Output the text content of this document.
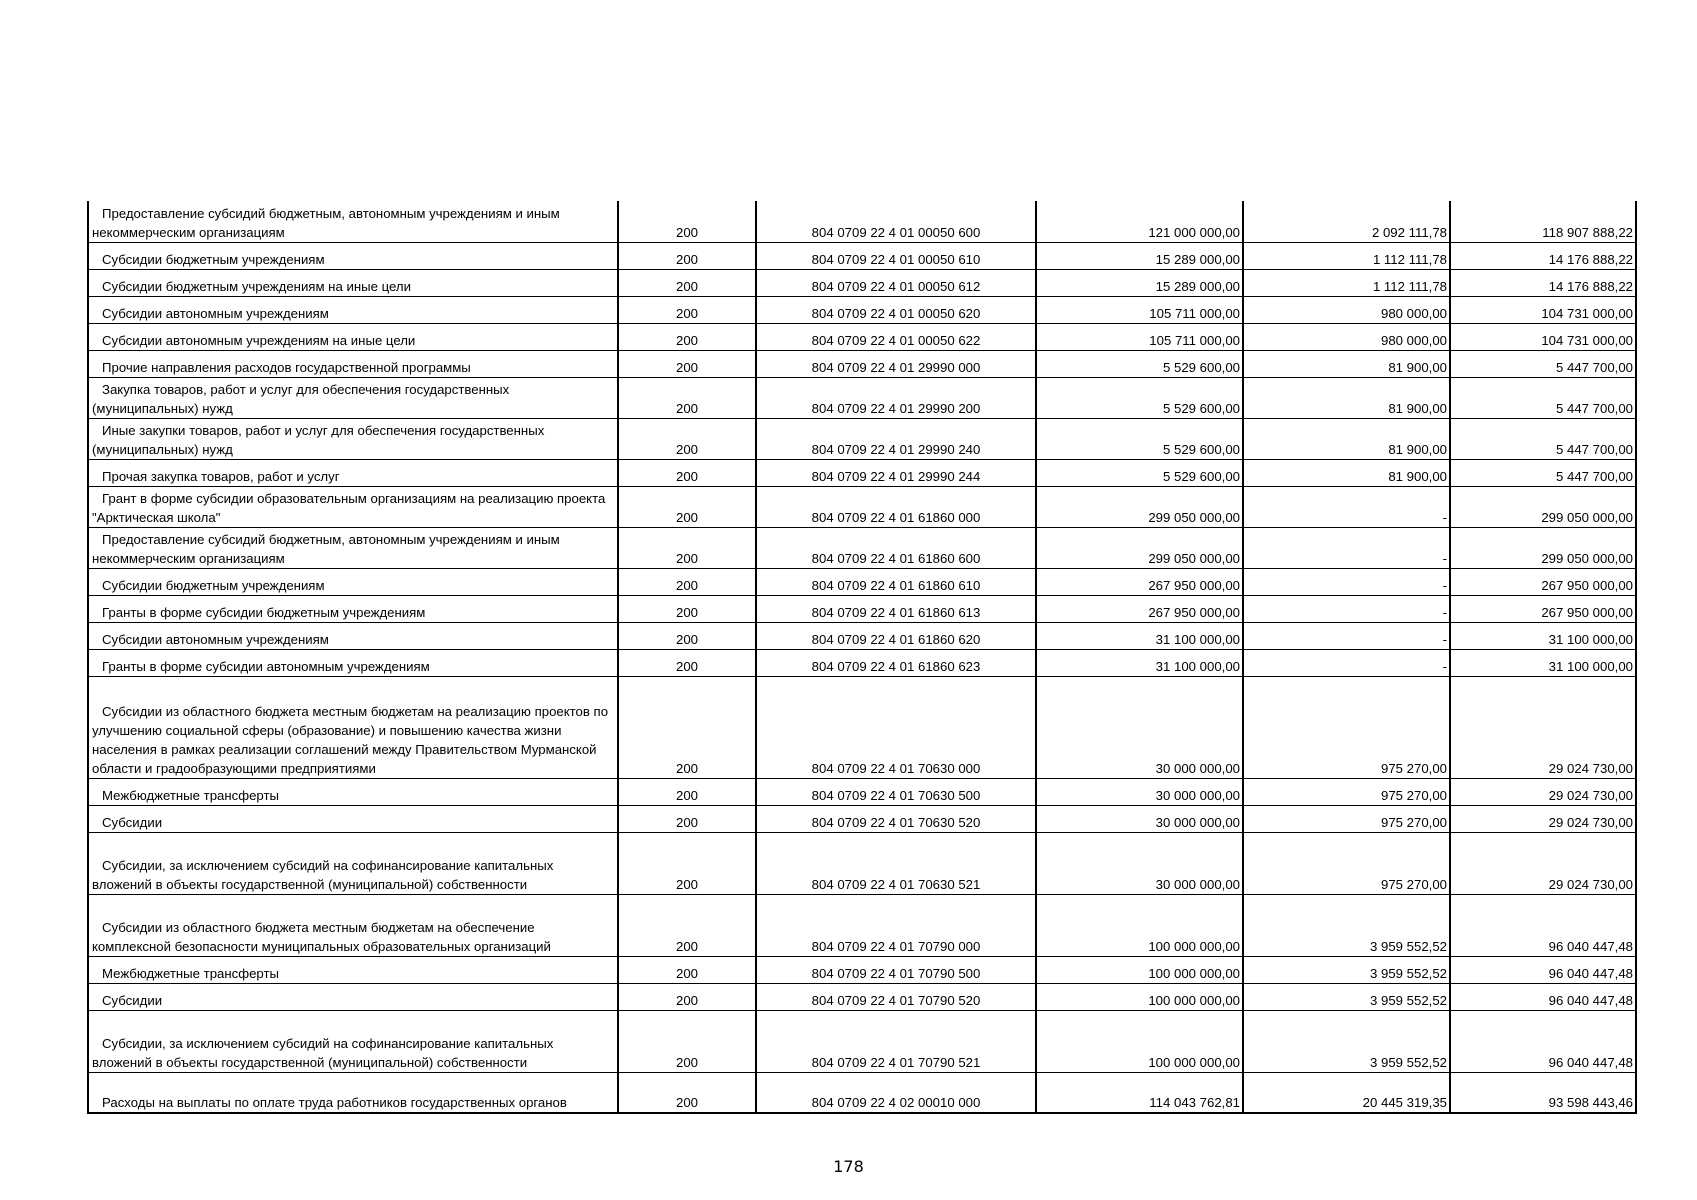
Предоставление субсидий бюджетным, автономным учреждениям и иным некоммерческим организациям	200	804 0709 22 4 01 00050 600	121 000 000,00	2 092 111,78	118 907 888,22

Субсидии бюджетным учреждениям	200	804 0709 22 4 01 00050 610	15 289 000,00	1 112 111,78	14 176 888,22

Субсидии бюджетным учреждениям на иные цели	200	804 0709 22 4 01 00050 612	15 289 000,00	1 112 111,78	14 176 888,22

Субсидии автономным учреждениям	200	804 0709 22 4 01 00050 620	105 711 000,00	980 000,00	104 731 000,00

Субсидии автономным учреждениям на иные цели	200	804 0709 22 4 01 00050 622	105 711 000,00	980 000,00	104 731 000,00

Прочие направления расходов государственной программы	200	804 0709 22 4 01 29990 000	5 529 600,00	81 900,00	5 447 700,00

Закупка товаров, работ и услуг для обеспечения государственных (муниципальных) нужд	200	804 0709 22 4 01 29990 200	5 529 600,00	81 900,00	5 447 700,00

Иные закупки товаров, работ и услуг для обеспечения государственных (муниципальных) нужд	200	804 0709 22 4 01 29990 240	5 529 600,00	81 900,00	5 447 700,00

Прочая закупка товаров, работ и услуг	200	804 0709 22 4 01 29990 244	5 529 600,00	81 900,00	5 447 700,00

Грант в форме субсидии образовательным организациям на реализацию проекта "Арктическая школа"	200	804 0709 22 4 01 61860 000	299 050 000,00	-	299 050 000,00

Предоставление субсидий бюджетным, автономным учреждениям и иным некоммерческим организациям	200	804 0709 22 4 01 61860 600	299 050 000,00	-	299 050 000,00

Субсидии бюджетным учреждениям	200	804 0709 22 4 01 61860 610	267 950 000,00	-	267 950 000,00

Гранты в форме субсидии бюджетным учреждениям	200	804 0709 22 4 01 61860 613	267 950 000,00	-	267 950 000,00

Субсидии автономным учреждениям	200	804 0709 22 4 01 61860 620	31 100 000,00	-	31 100 000,00

Гранты в форме субсидии автономным учреждениям	200	804 0709 22 4 01 61860 623	31 100 000,00	-	31 100 000,00

Субсидии из областного бюджета местным бюджетам на реализацию проектов по улучшению социальной сферы (образование) и повышению качества жизни населения в рамках реализации соглашений между Правительством Мурманской области и градообразующими предприятиями	200	804 0709 22 4 01 70630 000	30 000 000,00	975 270,00	29 024 730,00

Межбюджетные трансферты	200	804 0709 22 4 01 70630 500	30 000 000,00	975 270,00	29 024 730,00

Субсидии	200	804 0709 22 4 01 70630 520	30 000 000,00	975 270,00	29 024 730,00

Субсидии, за исключением субсидий на софинансирование капитальных вложений в объекты государственной (муниципальной) собственности	200	804 0709 22 4 01 70630 521	30 000 000,00	975 270,00	29 024 730,00

Субсидии из областного бюджета местным бюджетам на обеспечение комплексной безопасности муниципальных образовательных организаций	200	804 0709 22 4 01 70790 000	100 000 000,00	3 959 552,52	96 040 447,48

Межбюджетные трансферты	200	804 0709 22 4 01 70790 500	100 000 000,00	3 959 552,52	96 040 447,48

Субсидии	200	804 0709 22 4 01 70790 520	100 000 000,00	3 959 552,52	96 040 447,48

Субсидии, за исключением субсидий на софинансирование капитальных вложений в объекты государственной (муниципальной) собственности	200	804 0709 22 4 01 70790 521	100 000 000,00	3 959 552,52	96 040 447,48

Расходы на выплаты по оплате труда работников государственных органов	200	804 0709 22 4 02 00010 000	114 043 762,81	20 445 319,35	93 598 443,46
178
